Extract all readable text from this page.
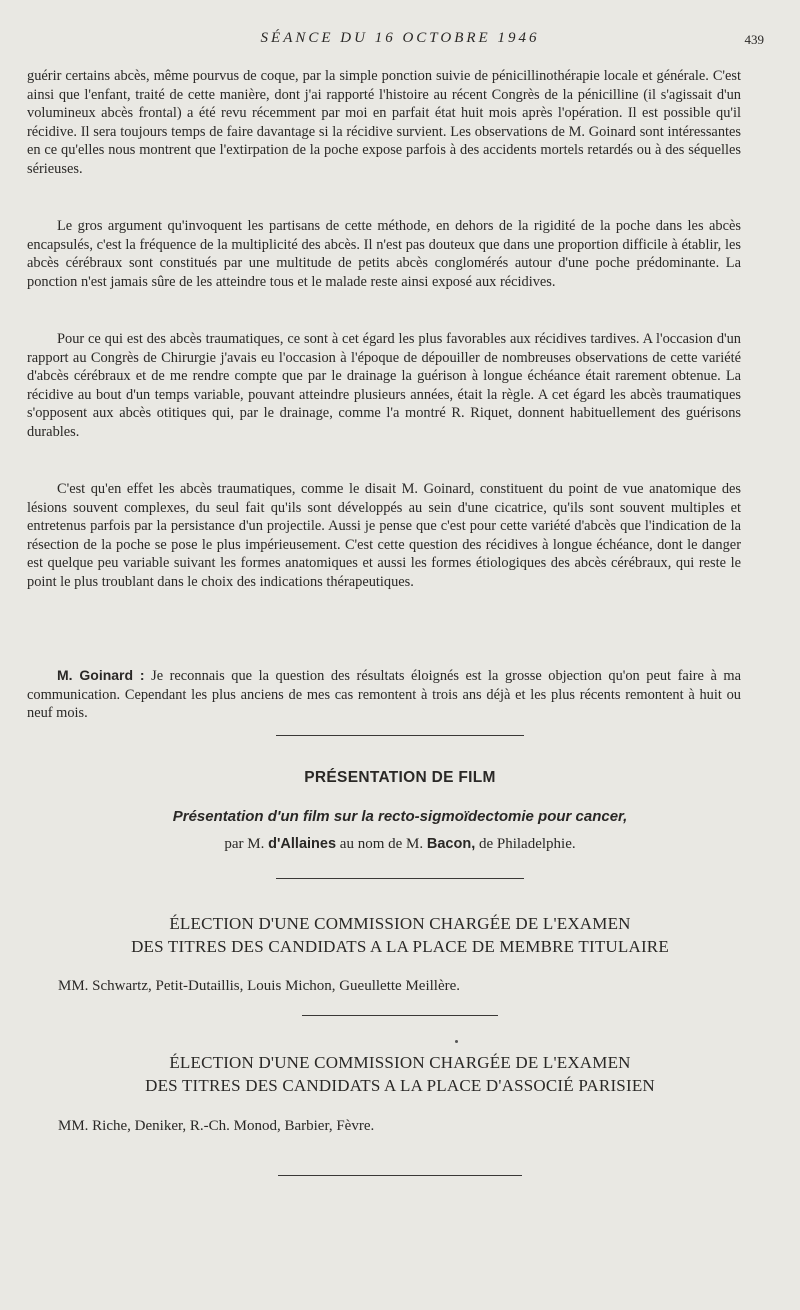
SÉANCE DU 16 OCTOBRE 1946	439

guérir certains abcès, même pourvus de coque, par la simple ponction suivie de pénicillinothérapie locale et générale. C'est ainsi que l'enfant, traité de cette manière, dont j'ai rapporté l'histoire au récent Congrès de la pénicilline (il s'agissait d'un volumineux abcès frontal) a été revu récemment par moi en parfait état huit mois après l'opération. Il est possible qu'il récidive. Il sera toujours temps de faire davantage si la récidive survient. Les observations de M. Goinard sont intéressantes en ce qu'elles nous montrent que l'extirpation de la poche expose parfois à des accidents mortels retardés ou à des séquelles sérieuses.

Le gros argument qu'invoquent les partisans de cette méthode, en dehors de la rigidité de la poche dans les abcès encapsulés, c'est la fréquence de la multiplicité des abcès. Il n'est pas douteux que dans une proportion difficile à établir, les abcès cérébraux sont constitués par une multitude de petits abcès conglomérés autour d'une poche prédominante. La ponction n'est jamais sûre de les atteindre tous et le malade reste ainsi exposé aux récidives.

Pour ce qui est des abcès traumatiques, ce sont à cet égard les plus favorables aux récidives tardives. A l'occasion d'un rapport au Congrès de Chirurgie j'avais eu l'occasion à l'époque de dépouiller de nombreuses observations de cette variété d'abcès cérébraux et de me rendre compte que par le drainage la guérison à longue échéance était rarement obtenue. La récidive au bout d'un temps variable, pouvant atteindre plusieurs années, était la règle. A cet égard les abcès traumatiques s'opposent aux abcès otitiques qui, par le drainage, comme l'a montré R. Riquet, donnent habituellement des guérisons durables.

C'est qu'en effet les abcès traumatiques, comme le disait M. Goinard, constituent du point de vue anatomique des lésions souvent complexes, du seul fait qu'ils sont développés au sein d'une cicatrice, qu'ils sont souvent multiples et entretenus parfois par la persistance d'un projectile. Aussi je pense que c'est pour cette variété d'abcès que l'indication de la résection de la poche se pose le plus impérieusement. C'est cette question des récidives à longue échéance, dont le danger est quelque peu variable suivant les formes anatomiques et aussi les formes étiologiques des abcès cérébraux, qui reste le point le plus troublant dans le choix des indications thérapeutiques.

M. Goinard : Je reconnais que la question des résultats éloignés est la grosse objection qu'on peut faire à ma communication. Cependant les plus anciens de mes cas remontent à trois ans déjà et les plus récents remontent à huit ou neuf mois.

PRÉSENTATION DE FILM
Présentation d'un film sur la recto-sigmoïdectomie pour cancer,
par M. d'Allaines au nom de M. Bacon, de Philadelphie.
ÉLECTION D'UNE COMMISSION CHARGÉE DE L'EXAMEN
DES TITRES DES CANDIDATS A LA PLACE DE MEMBRE TITULAIRE
MM. Schwartz, Petit-Dutaillis, Louis Michon, Gueullette Meillère.
ÉLECTION D'UNE COMMISSION CHARGÉE DE L'EXAMEN
DES TITRES DES CANDIDATS A LA PLACE D'ASSOCIÉ PARISIEN
MM. Riche, Deniker, R.-Ch. Monod, Barbier, Fèvre.
